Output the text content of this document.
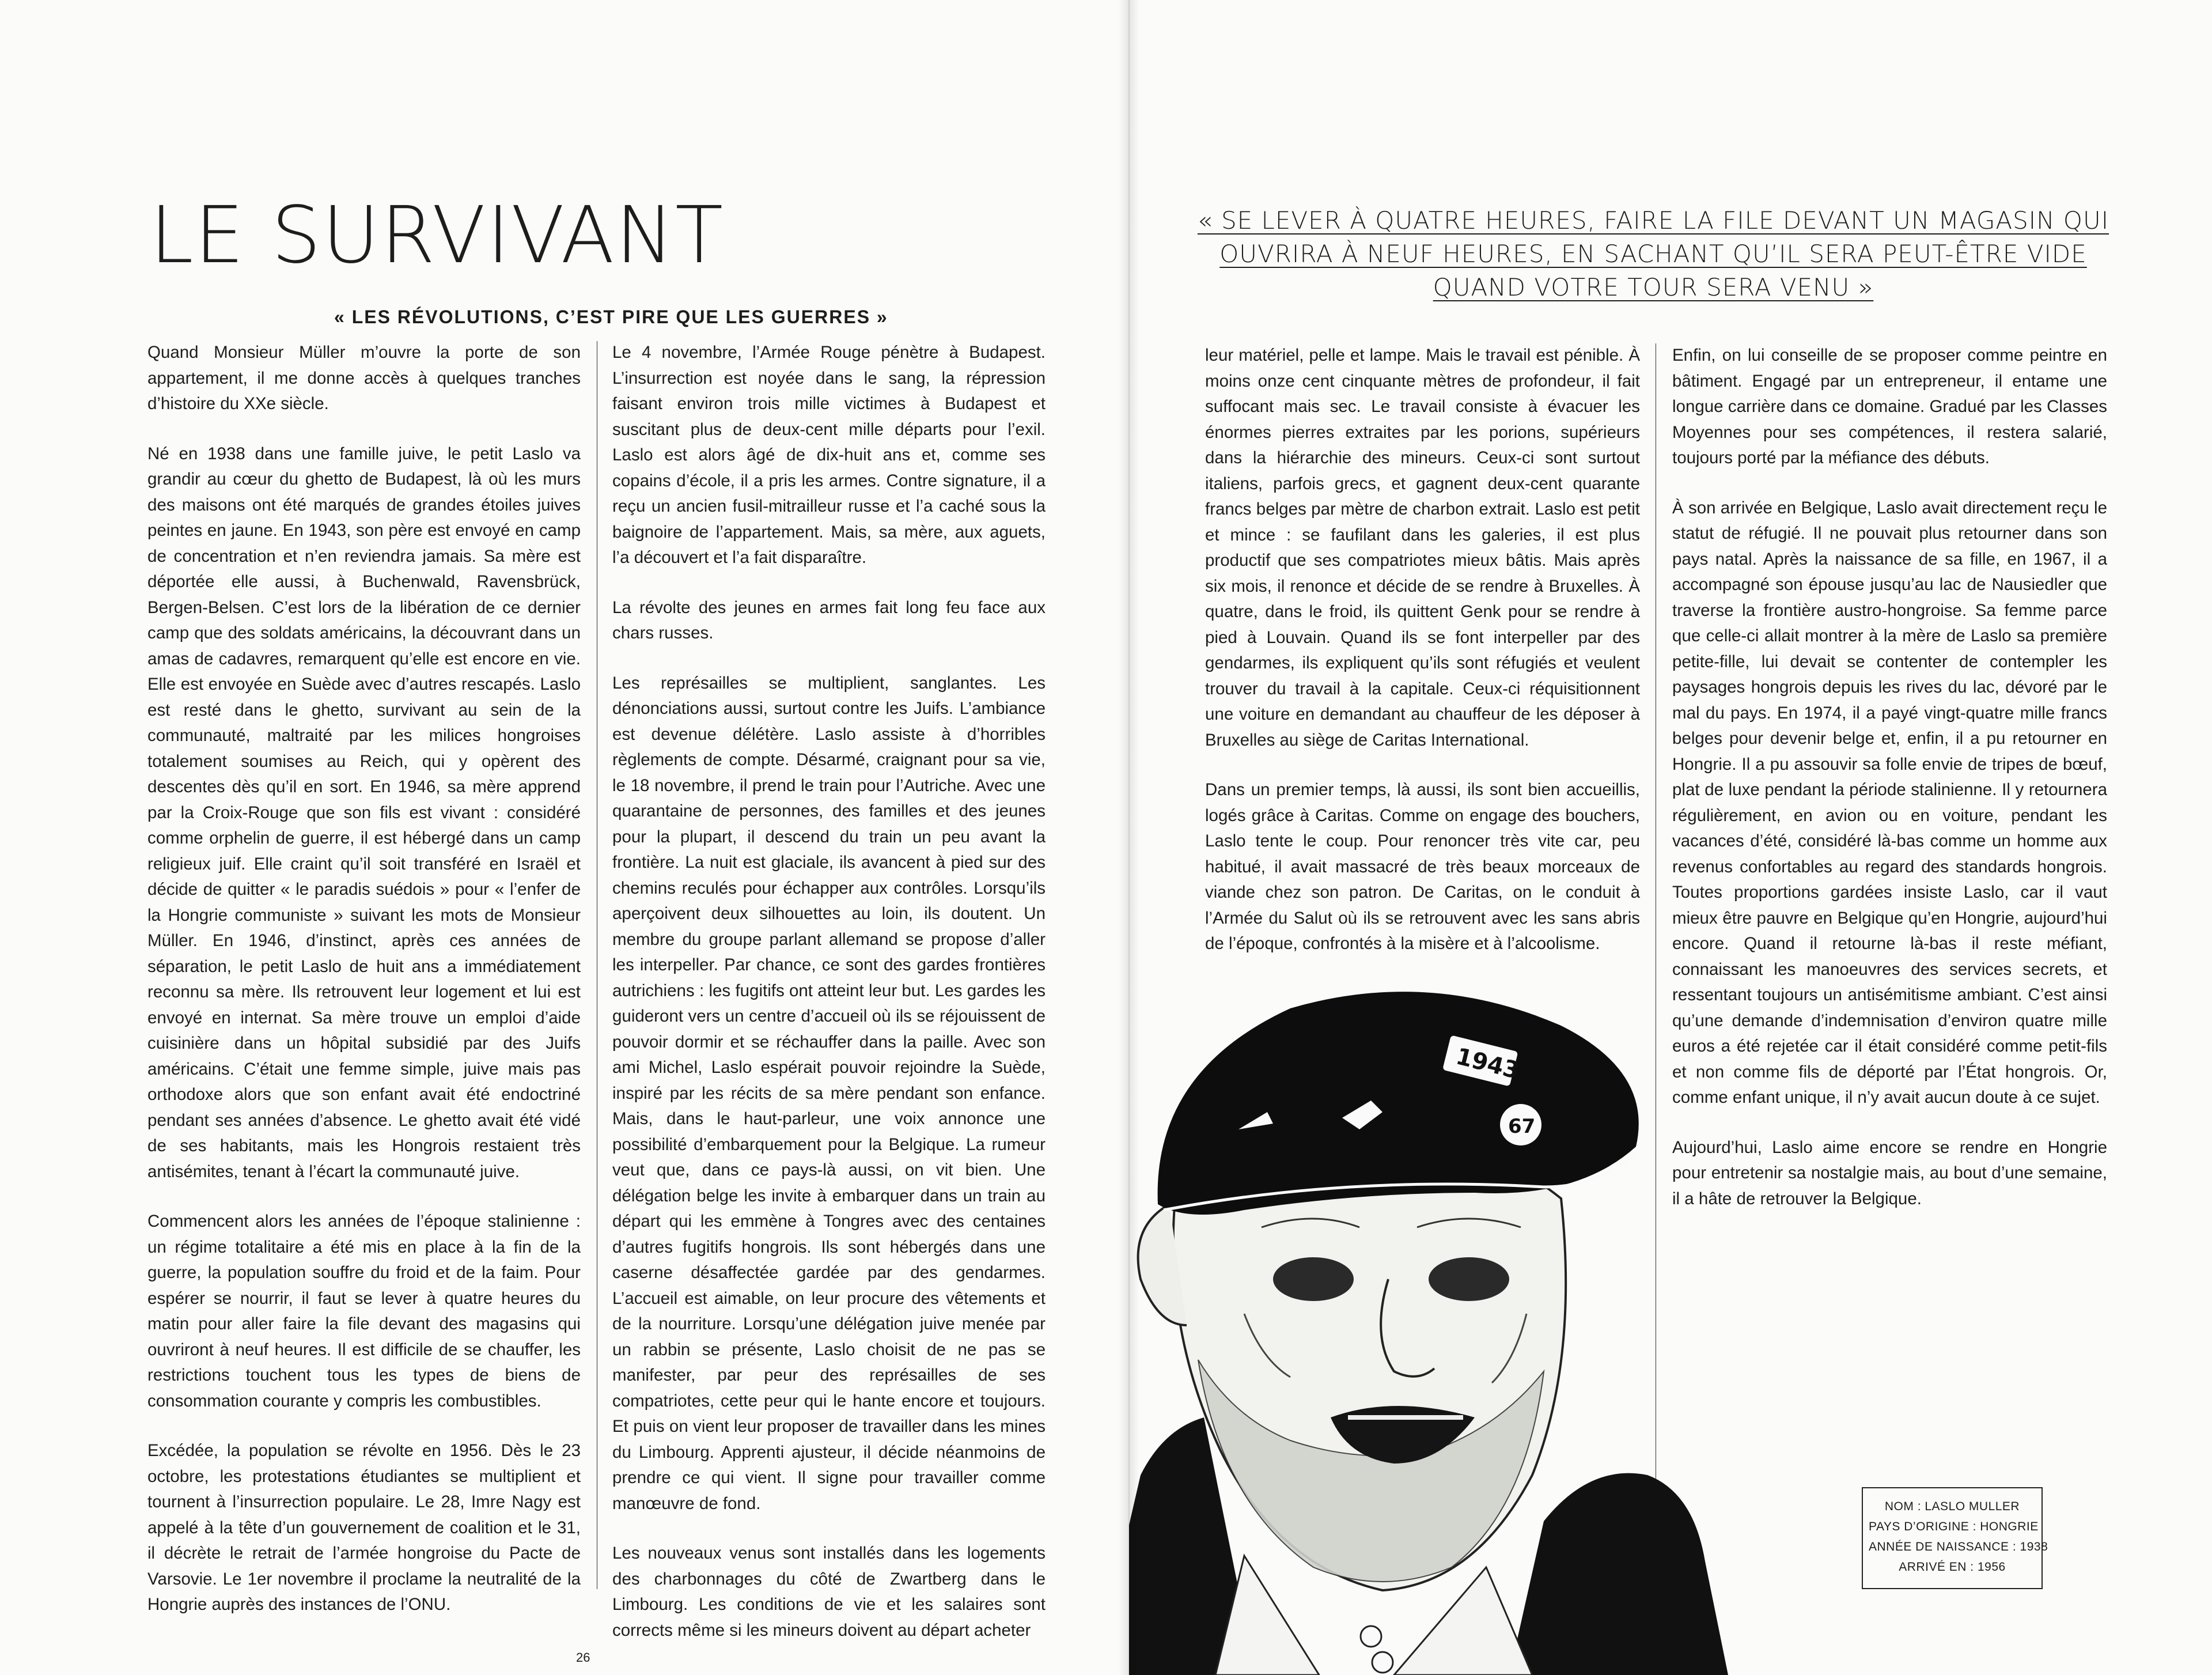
LE SURVIVANT
« LES RÉVOLUTIONS, C’EST PIRE QUE LES GUERRES »

Quand Monsieur Müller m’ouvre la porte de son appartement, il me donne accès à quelques tranches d’histoire du XXe siècle.

Né en 1938 dans une famille juive, le petit Laslo va grandir au cœur du ghetto de Budapest, là où les murs des maisons ont été marqués de grandes étoiles juives peintes en jaune. En 1943, son père est envoyé en camp de concentration et n’en reviendra jamais. Sa mère est déportée elle aussi, à Buchenwald, Ravensbrück, Bergen-Belsen. C’est lors de la libération de ce dernier camp que des soldats américains, la découvrant dans un amas de cadavres, remarquent qu’elle est encore en vie. Elle est envoyée en Suède avec d’autres rescapés. Laslo est resté dans le ghetto, survivant au sein de la communauté, maltraité par les milices hongroises totalement soumises au Reich, qui y opèrent des descentes dès qu’il en sort. En 1946, sa mère apprend par la Croix-Rouge que son fils est vivant : considéré comme orphelin de guerre, il est hébergé dans un camp religieux juif. Elle craint qu’il soit transféré en Israël et décide de quitter « le paradis suédois » pour « l’enfer de la Hongrie communiste » suivant les mots de Monsieur Müller. En 1946, d’instinct, après ces années de séparation, le petit Laslo de huit ans a immédiatement reconnu sa mère. Ils retrouvent leur logement et lui est envoyé en internat. Sa mère trouve un emploi d’aide cuisinière dans un hôpital subsidié par des Juifs américains. C’était une femme simple, juive mais pas orthodoxe alors que son enfant avait été endoctriné pendant ses années d’absence. Le ghetto avait été vidé de ses habitants, mais les Hongrois restaient très antisémites, tenant à l’écart la communauté juive.

Commencent alors les années de l’époque stalinienne : un régime totalitaire a été mis en place à la fin de la guerre, la population souffre du froid et de la faim. Pour espérer se nourrir, il faut se lever à quatre heures du matin pour aller faire la file devant des magasins qui ouvriront à neuf heures. Il est difficile de se chauffer, les restrictions touchent tous les types de biens de consommation courante y compris les combustibles.

Excédée, la population se révolte en 1956. Dès le 23 octobre, les protestations étudiantes se multiplient et tournent à l’insurrection populaire. Le 28, Imre Nagy est appelé à la tête d’un gouvernement de coalition et le 31, il décrète le retrait de l’armée hongroise du Pacte de Varsovie. Le 1er novembre il proclame la neutralité de la Hongrie auprès des instances de l’ONU.

Le 4 novembre, l’Armée Rouge pénètre à Budapest. L’insurrection est noyée dans le sang, la répression faisant environ trois mille victimes à Budapest et suscitant plus de deux-cent mille départs pour l’exil. Laslo est alors âgé de dix-huit ans et, comme ses copains d’école, il a pris les armes. Contre signature, il a reçu un ancien fusil-mitrailleur russe et l’a caché sous la baignoire de l’appartement. Mais, sa mère, aux aguets, l’a découvert et l’a fait disparaître.

La révolte des jeunes en armes fait long feu face aux chars russes.

Les représailles se multiplient, sanglantes. Les dénonciations aussi, surtout contre les Juifs. L’ambiance est devenue délétère. Laslo assiste à d’horribles règlements de compte. Désarmé, craignant pour sa vie, le 18 novembre, il prend le train pour l’Autriche. Avec une quarantaine de personnes, des familles et des jeunes pour la plupart, il descend du train un peu avant la frontière. La nuit est glaciale, ils avancent à pied sur des chemins reculés pour échapper aux contrôles. Lorsqu’ils aperçoivent deux silhouettes au loin, ils doutent. Un membre du groupe parlant allemand se propose d’aller les interpeller. Par chance, ce sont des gardes frontières autrichiens : les fugitifs ont atteint leur but. Les gardes les guideront vers un centre d’accueil où ils se réjouissent de pouvoir dormir et se réchauffer dans la paille. Avec son ami Michel, Laslo espérait pouvoir rejoindre la Suède, inspiré par les récits de sa mère pendant son enfance. Mais, dans le haut-parleur, une voix annonce une possibilité d’embarquement pour la Belgique. La rumeur veut que, dans ce pays-là aussi, on vit bien. Une délégation belge les invite à embarquer dans un train au départ qui les emmène à Tongres avec des centaines d’autres fugitifs hongrois. Ils sont hébergés dans une caserne désaffectée gardée par des gendarmes. L’accueil est aimable, on leur procure des vêtements et de la nourriture. Lorsqu’une délégation juive menée par un rabbin se présente, Laslo choisit de ne pas se manifester, par peur des représailles de ses compatriotes, cette peur qui le hante encore et toujours. Et puis on vient leur proposer de travailler dans les mines du Limbourg. Apprenti ajusteur, il décide néanmoins de prendre ce qui vient. Il signe pour travailler comme manœuvre de fond.

Les nouveaux venus sont installés dans les logements des charbonnages du côté de Zwartberg dans le Limbourg. Les conditions de vie et les salaires sont corrects même si les mineurs doivent au départ acheter

26
« SE LEVER À QUATRE HEURES, FAIRE LA FILE DEVANT UN MAGASIN QUI
OUVRIRA À NEUF HEURES, EN SACHANT QU’IL SERA PEUT-ÊTRE VIDE
QUAND VOTRE TOUR SERA VENU »

leur matériel, pelle et lampe. Mais le travail est pénible. À moins onze cent cinquante mètres de profondeur, il fait suffocant mais sec. Le travail consiste à évacuer les énormes pierres extraites par les porions, supérieurs dans la hiérarchie des mineurs. Ceux-ci sont surtout italiens, parfois grecs, et gagnent deux-cent quarante francs belges par mètre de charbon extrait. Laslo est petit et mince : se faufilant dans les galeries, il est plus productif que ses compatriotes mieux bâtis. Mais après six mois, il renonce et décide de se rendre à Bruxelles. À quatre, dans le froid, ils quittent Genk pour se rendre à pied à Louvain. Quand ils se font interpeller par des gendarmes, ils expliquent qu’ils sont réfugiés et veulent trouver du travail à la capitale. Ceux-ci réquisitionnent une voiture en demandant au chauffeur de les déposer à Bruxelles au siège de Caritas International.

Dans un premier temps, là aussi, ils sont bien accueillis, logés grâce à Caritas. Comme on engage des bouchers, Laslo tente le coup. Pour renoncer très vite car, peu habitué, il avait massacré de très beaux morceaux de viande chez son patron. De Caritas, on le conduit à l’Armée du Salut où ils se retrouvent avec les sans abris de l’époque, confrontés à la misère et à l’alcoolisme.

Enfin, on lui conseille de se proposer comme peintre en bâtiment. Engagé par un entrepreneur, il entame une longue carrière dans ce domaine. Gradué par les Classes Moyennes pour ses compétences, il restera salarié, toujours porté par la méfiance des débuts.

À son arrivée en Belgique, Laslo avait directement reçu le statut de réfugié. Il ne pouvait plus retourner dans son pays natal. Après la naissance de sa fille, en 1967, il a accompagné son épouse jusqu’au lac de Nausiedler que traverse la frontière austro-hongroise. Sa femme parce que celle-ci allait montrer à la mère de Laslo sa première petite-fille, lui devait se contenter de contempler les paysages hongrois depuis les rives du lac, dévoré par le mal du pays. En 1974, il a payé vingt-quatre mille francs belges pour devenir belge et, enfin, il a pu retourner en Hongrie. Il a pu assouvir sa folle envie de tripes de bœuf, plat de luxe pendant la période stalinienne. Il y retournera régulièrement, en avion ou en voiture, pendant les vacances d’été, considéré là-bas comme un homme aux revenus confortables au regard des standards hongrois. Toutes proportions gardées insiste Laslo, car il vaut mieux être pauvre en Belgique qu’en Hongrie, aujourd’hui encore. Quand il retourne là-bas il reste méfiant, connaissant les manoeuvres des services secrets, et ressentant toujours un antisémitisme ambiant. C’est ainsi qu’une demande d’indemnisation d’environ quatre mille euros a été rejetée car il était considéré comme petit-fils et non comme fils de déporté par l’État hongrois. Or, comme enfant unique, il n’y avait aucun doute à ce sujet.

Aujourd’hui, Laslo aime encore se rendre en Hongrie pour entretenir sa nostalgie mais, au bout d’une semaine, il a hâte de retrouver la Belgique.

1943
67
NOM : LASLO MULLER
PAYS D’ORIGINE : HONGRIE
ANNÉE DE NAISSANCE : 1938
ARRIVÉ EN : 1956
